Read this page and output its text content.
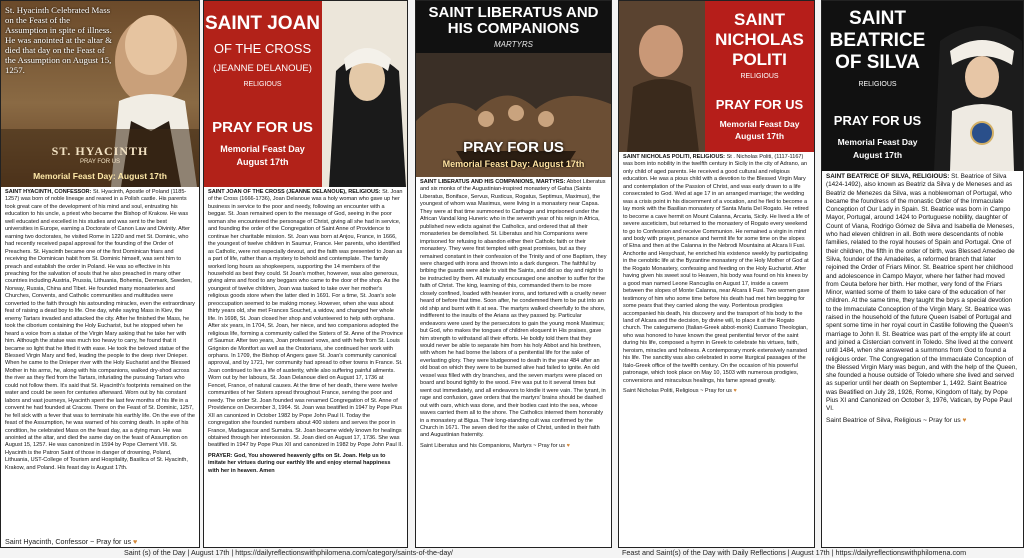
St. Hyacinth Celebrated Mass on the Feast of the Assumption in spite of illness. He was anointed at the altar & died that day on the Feast of the Assumption on August 15, 1257.
ST. HYACINTH
PRAY FOR US
Memorial Feast Day: August 17th

SAINT HYACINTH, CONFESSOR: St. Hyacinth, Apostle of Poland (1185-1257) was born of noble lineage and reared in a Polish castle. His parents took great care of the development of his mind and soul, entrusting his education to his uncle, a priest who became the Bishop of Krakow. He was well educated and excelled in his studies and was sent to the best universities in Europe, earning a Doctorate of Canon Law and Divinity. After earning two doctorates, he visited Rome in 1220 and met St. Dominic, who had recently received papal approval for the founding of the Order of Preachers. St. Hyacinth became one of the first Dominican friars and receiving the Dominican habit from St. Dominic himself, was sent him to preach and establish the order in Poland. He was so effective in his preaching for the salvation of souls that he also preached in many other countries including Austria, Prussia, Lithuania, Bohemia, Denmark, Sweden, Norway, Russia, China and Tibet. He founded many monasteries and Churches, Convents, and Catholic communities and multitudes were converted to the faith through his astounding miracles, even the extraordinary feat of raising a dead boy to life. One day, while saying Mass in Kiev, the enemy Tartars invaded and attacked the city. After he finished the Mass, he took the ciborium containing the Holy Eucharist, but he stopped when he heard a voice from a statue of the Virgin Mary asking that he take her with him. Although the statue was much too heavy to carry, he found that it became so light that he lifted it with ease. He took the beloved statue of the Blessed Virgin Mary and fled, leading the people to the deep river Dnieper. When he came to the Dnieper river with the Holy Eucharist and the Blessed Mother in his arms, he, along with his companions, walked dry-shod across the river as they fled from the Tartars, infuriating the pursuing Tartars who could not follow them. It's said that St. Hyacinth's footprints remained on the water and could be seen for centuries afterward. Worn out by his constant labors and vast journeys, Hyacinth spent the last few months of his life in a convent he had founded at Cracow. There on the Feast of St. Dominic, 1257, he fell sick with a fever that was to terminate his earthly life. On the eve of the feast of the Assumption, he was warned of his coming death. In spite of his condition, he celebrated Mass on the feast day, as a dying man. He was anointed at the altar, and died the same day on the feast of Assumption on August 15, 1257. He was canonized in 1594 by Pope Clement VIII. St. Hyacinth is the Patron Saint of those in danger of drowning, Poland, Lithuania, UST-College of Tourism and Hospitality, Basilica of St. Hyacinth, Krakow, and Poland. His feast day is August 17th.

Saint Hyacinth, Confessor ~ Pray for us ♥
SAINT JOAN
OF THE CROSS
(JEANNE DELANOUE)
RELIGIOUS
PRAY FOR US
Memorial Feast Day
August 17th

SAINT JOAN OF THE CROSS (JEANNE DELANOUE), RELIGIOUS: St. Joan of the Cross (1666-1736), Joan Delanoue was a holy woman who gave up her business in service to the poor and needy, following an encounter with a beggar. St. Joan remained open to the message of God, seeing in the poor woman she encountered the personage of Christ, giving all she had in service, and founding the order of the Congregation of Saint Anne of Providence to continue her charitable mission. St. Joan was born at Anjou, France, in 1666, the youngest of twelve children in Saumur, France. Her parents, who identified as Catholic, were not especially devout, and the faith was presented to Joan as a part of life, rather than a mystery to behold and contemplate. The family worked long hours as shopkeepers, supporting the 14 members of the household as best they could. St Joan's mother, however, was also generous, giving alms and food to any beggars who came to the door of the shop. As the youngest of twelve children, Joan was tasked to take over her mother's religious goods store when the latter died in 1691. For a time, St. Joan's sole preoccupation seemed to be making money. However, when she was about thirty years old, she met Frances Souchet, a widow, and changed her whole life. In 1698, St. Joan closed her shop and volunteered to help with orphans. After six years, in 1704, St. Joan, her niece, and two companions adopted the religious life, forming a community called the Sisters of St. Anne of the Province of Saumur. After two years, Joan professed vows, and with help from St. Louis Grignion de Montfort as well as the Oratorians, she continued her work with orphans. In 1709, the Bishop of Angers gave St. Joan's community canonical approval, and by 1721, her community had spread to other towns in France. St. Joan continued to live a life of austerity, while also suffering painful ailments. Worn out by her labours, St. Joan Delanoue died on August 17, 1736 at Fencet, France, of natural causes. At the time of her death, there were twelve communities of her Sisters spread throughout France, serving the poor and needy. The order St. Joan founded was renamed Congregation of St. Anne of Providence on December 3, 1964. St. Joan was beatified in 1947 by Pope Pius XII an canonized in October 1982 by Pope John Paul II. Today the congregation she founded numbers about 400 sisters and serves the poor in France, Madagascar and Sumatra. St. Joan became widely known for healings obtained through her intercession. St. Joan died on August 17, 1736. She was beatified in 1947 by Pope Pius XII and canonized in 1982 by Pope John Paul II.

PRAYER: God, You showered heavenly gifts on St. Joan. Help us to imitate her virtues during our earthly life and enjoy eternal happiness with her in heaven. Amen

SAINT LIBERATUS AND
HIS COMPANIONS
MARTYRS
PRAY FOR US
Memorial Feast Day: August 17th

SAINT LIBERATUS AND HIS COMPANIONS, MARTYRS: Abbot Liberatus and six monks of the Augustinian-inspired monastery of Gafsa (Saints Liberatus, Boniface, Servus, Rusticus, Rogatus, Septimus, Maximus), the youngest of whom was Maximus, were living in a monastery near Capsa. They were at that time summoned to Carthage and imprisoned under the African Vandal king Huneric who in the seventh year of his reign in Africa, published new edicts against the Catholics, and ordered that all their monasteries be demolished. St. Liberatus and his Companions were imprisoned for refusing to abandon either their Catholic faith or their monastery. They were first tempted with great promises, but as they remained constant in their confession of the Trinity and of one Baptism, they were charged with irons and thrown into a dark dungeon. The faithful by bribing the guards were able to visit the Saints, and did so day and night to be instructed by them. All mutually encouraged one another to suffer for the faith of Christ. The king, learning of this, commanded them to be more closely confined, loaded with heavier irons, and tortured with a cruelty never heard of before that time. Soon after, he condemned them to be put into an old ship and burnt with it at sea. The martyrs walked cheerfully to the shore, indifferent to the insults of the Arians as they passed by. Particular endeavors were used by the persecutors to gain the young monk Maximus; but God, who makes the tongues of children eloquent in His praises, gave him strength to withstand all their efforts. He boldly told them that they would never be able to separate him from his holy Abbot and his brethren, with whom he had borne the labors of a penitential life for the sake of everlasting glory. They were bludgeoned to death in the year 484 after an old boat on which they were to be burned alive had failed to ignite. An old vessel was filled with dry branches, and the seven martyrs were placed on board and bound tightly to the wood. Fire was put to it several times but went out immediately, and all endeavors to kindle it were vain. The tyrant, in rage and confusion, gave orders that the martyrs' brains should be dashed out with oars, which was done, and their bodies cast into the sea, whose waves carried them all to the shore. The Catholics interred them honorably in a monastery at Bigua. Their long-standing cult was confirmed by the Church in 1671. The seven died for the sake of Christ, united in their faith and Augustinian fraternity.

Saint Liberatus and his Companions, Martyrs ~ Pray for us ♥

SAINT
NICHOLAS
POLITI
RELIGIOUS
PRAY FOR US
Memorial Feast Day
August 17th

SAINT NICHOLAS POLITI, RELIGIOUS: St . Nicholas Politi, (1117-1167) was born into nobility in the twelfth century in Sicily in the city of Adrano, an only child of aged parents. He received a good cultural and religious education. He was a pious child with a devotion to the Blessed Virgin Mary and contemplation of the Passion of Christ, and was early drawn to a life consecrated to God. Wed at age 17 in an arranged marriage; the wedding was a crisis point in his discernment of a vocation, and he fled to become a lay monk with the Basilian monastery of Santa Maria Del Rogato. He retired to become a cave hermit on Mount Calanna, Arcaria, Sicily. He lived a life of severe asceticism, but returned to the monastery of Rogato every weekend to go to Confession and receive Communion. He remained a virgin in mind and body with prayer, penance and hermit life for some time on the slopes of Etna and then at the Calanna in the Nebrodi Mountains at Alcara li Fusi. Anchorite and Hesychast, he enriched his existence weekly by participating in the cenobitic life at the Byzantine monastery of the Holy Mother of God at the Rogato Monastery, confessing and feeding on the Holy Eucharist. After having given his sweet soul to Heaven, his body was found on his knees by a good man named Leone Rancuglia on August 17, inside a cavern between the slopes of Monte Calanna, near Alcara li Fusi. Two women gave testimony of him who some time before his death had met him begging for some pears that they carried along the way. Portentous prodigies accompanied his death, his discovery and the transport of his body to the land of Alcara and the decision, by divine will, to place it at the Rogato church. The categumeno (Italian-Greek abbot-monk) Cusmano Theologian, who was honored to have known the great penitential fervor of the saint during his life, composed a hymn in Greek to celebrate his virtues, faith, heroism, miracles and holiness. A contemporary monk extensively narrated his life. The sanctity was also celebrated in some liturgical passages of the Italo-Greek office of the twelfth century. On the occasion of his powerful patronage, which took place on May 10, 1503 with numerous prodigies, conversions and miraculous healings, his fame spread greatly.

Saint Nicholas Politi, Religious ~ Pray for us ♥

SAINT
BEATRICE
OF SILVA
RELIGIOUS
PRAY FOR US
Memorial Feast Day
August 17th

SAINT BEATRICE OF SILVA, RELIGIOUS: St. Beatrice of Silva (1424-1492), also known as Beatriz da Silva y de Meneses and as Beatriz de Menezes da Silva, was a noblewoman of Portugal, who became the foundress of the monastic Order of the Immaculate Conception of Our Lady in Spain. St. Beatrice was born in Campo Mayor, Portugal, around 1424 to Portuguese nobility, daughter of Count of Viana, Rodrigo Gómez de Silva and Isabella de Meneses, who had eleven children in all. Both were descendants of noble families, related to the royal houses of Spain and Portugal. One of their children, the fifth in the order of birth, was Blessed Amedeo de Silva, founder of the Amadeites, a reformed branch that later rejoined the Order of Friars Minor. St. Beatrice spent her childhood and adolescence in Campo Mayor, where her father had moved from Ceuta before her birth. Her mother, very fond of the Friars Minor, wanted some of them to take care of the education of her children. At the same time, they taught the boys a special devotion to the Immaculate Conception of the Virgin Mary. St. Beatrice was raised in the household of the future Queen Isabel of Portugal and spent some time in her royal court in Castille following the Queen's marriage to John II. St. Beatrice was part of the empty life at court and joined a Cistercian convent in Toledo. She lived at the convent until 1484, when she answered a summons from God to found a religious order. The Congregation of the Immaculate Conception of the Blessed Virgin Mary was begun, and with the help of the Queen, she founded a house outside of Toledo where she lived and served as superior until her death on September 1, 1492. Saint Beatrice was Beatified on July 28, 1926, Rome, Kingdom of Italy, by Pope Pius XI and Canonized on October 3, 1976, Vatican, by Pope Paul VI.

Saint Beatrice of Silva, Religious ~ Pray for us ♥

Saint (s) of the Day | August 17th | https://dailyreflectionswithphilomena.com/category/saints-of-the-day/	Feast and Saint(s) of the Day with Daily Reflections | August 17th | https://dailyreflectionswithphilomena.com
